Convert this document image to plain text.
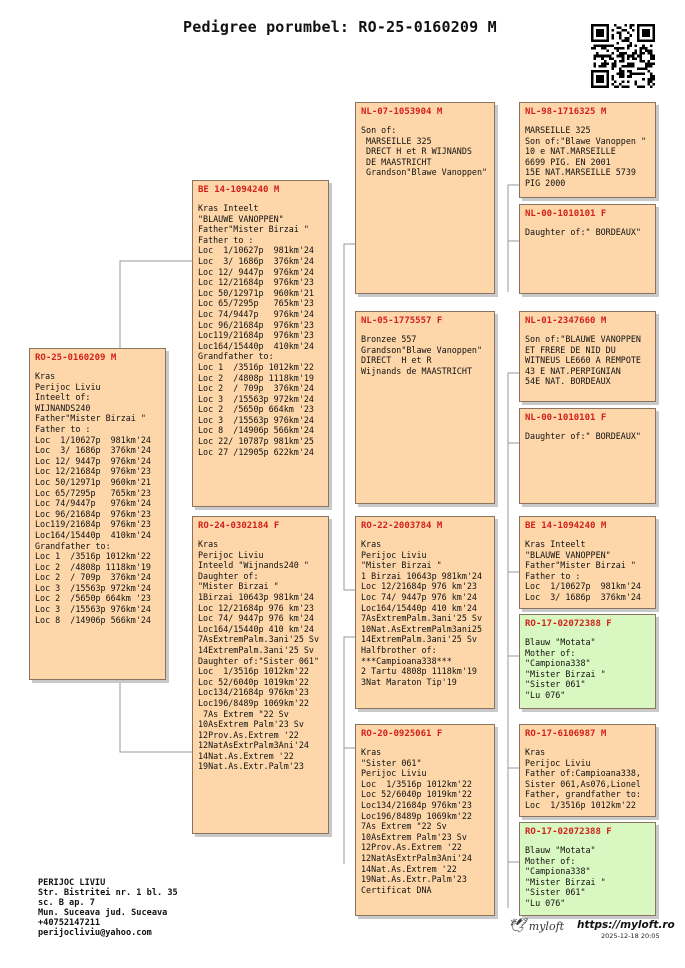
Pedigree porumbel: RO-25-0160209 M
RO-25-0160209 M
Kras
Perijoc Liviu
Inteelt of:
WIJNANDS240
Father"Mister Birzai "
Father to :
Loc  1/10627p  981km'24
Loc  3/ 1686p  376km'24
Loc 12/ 9447p  976km'24
Loc 12/21684p  976km'23
Loc 50/12971p  960km'21
Loc 65/7295p   765km'23
Loc 74/9447p   976km'24
Loc 96/21684p  976km'23
Loc119/21684p  976km'23
Loc164/15440p  410km'24
Grandfather to:
Loc 1  /3516p 1012km'22
Loc 2  /4808p 1118km'19
Loc 2  / 709p  376km'24
Loc 3  /15563p 972km'24
Loc 2  /5650p 664km '23
Loc 3  /15563p 976km'24
Loc 8  /14906p 566km'24
BE 14-1094240 M
Kras Inteelt
"BLAUWE VANOPPEN"
Father"Mister Birzai "
Father to :
Loc  1/10627p  981km'24
Loc  3/ 1686p  376km'24
Loc 12/ 9447p  976km'24
Loc 12/21684p  976km'23
Loc 50/12971p  960km'21
Loc 65/7295p   765km'23
Loc 74/9447p   976km'24
Loc 96/21684p  976km'23
Loc119/21684p  976km'23
Loc164/15440p  410km'24
Grandfather to:
Loc 1  /3516p 1012km'22
Loc 2  /4808p 1118km'19
Loc 2  / 709p  376km'24
Loc 3  /15563p 972km'24
Loc 2  /5650p 664km '23
Loc 3  /15563p 976km'24
Loc 8  /14906p 566km'24
Loc 22/ 10787p 981km'25
Loc 27 /12905p 622km'24
RO-24-0302184 F
Kras
Perijoc Liviu
Inteeld "Wijnands240 "
Daughter of:
"Mister Birzai "
1Birzai 10643p 981km'24
Loc 12/21684p 976 km'23
Loc 74/ 9447p 976 km'24
Loc164/15440p 410 km'24
7AsExtremPalm.3ani'25 Sv
14ExtremPalm.3ani'25 Sv
Daughter of:"Sister 061"
Loc  1/3516p 1012km'22
Loc 52/6040p 1019km'22
Loc134/21684p 976km'23
Loc196/8489p 1069km'22
7As Extrem "22 Sv
10AsExtrem Palm'23 Sv
12Prov.As.Extrem '22
12NatAsExtrPalm3Ani'24
14Nat.As.Extrem '22
19Nat.As.Extr.Palm'23
NL-07-1053904 M
Son of:
MARSEILLE 325
DRECT H et R WIJNANDS
DE MAASTRICHT
Grandson"Blawe Vanoppen"
NL-05-1775557 F
Bronzee 557
Grandson"Blawe Vanoppen"
DIRECT  H et R
Wijnands de MAASTRICHT
RO-22-2003784 M
Kras
Perijoc Liviu
"Mister Birzai "
1 Birzai 10643p 981km'24
Loc 12/21684p 976 km'23
Loc 74/ 9447p 976 km'24
Loc164/15440p 410 km'24
7AsExtremPalm.3ani'25 Sv
10Nat.AsExtremPalm3ani25
14ExtremPalm.3ani'25 Sv
Halfbrother of:
***Campioana338***
2 Tartu 4808p 1118km'19
3Nat Maraton Tip'19
RO-20-0925061 F
Kras
"Sister 061"
Perijoc Liviu
Loc  1/3516p 1012km'22
Loc 52/6040p 1019km'22
Loc134/21684p 976km'23
Loc196/8489p 1069km'22
7As Extrem "22 Sv
10AsExtrem Palm'23 Sv
12Prov.As.Extrem '22
12NatAsExtrPalm3Ani'24
14Nat.As.Extrem '22
19Nat.As.Extr.Palm'23
Certificat DNA
NL-98-1716325 M
MARSEILLE 325
Son of:"Blawe Vanoppen "
10 e NAT.MARSEILLE
6699 PIG. EN 2001
15E NAT.MARSEILLE 5739
PIG 2000
NL-00-1010101 F
Daughter of:" BORDEAUX"
NL-01-2347660 M
Son of:"BLAUWE VANOPPEN
ET FRERE DE NID DU
WITNEUS LE660 A REMPOTE
43 E NAT.PERPIGNIAN
54E NAT. BORDEAUX
NL-00-1010101 F
Daughter of:" BORDEAUX"
BE 14-1094240 M
Kras Inteelt
"BLAUWE VANOPPEN"
Father"Mister Birzai "
Father to :
Loc  1/10627p  981km'24
Loc  3/ 1686p  376km'24
RO-17-02072388 F
Blauw "Motata"
Mother of:
"Campiona338"
"Mister Birzai "
"Sister 061"
"Lu 076"
RO-17-6106987 M
Kras
Perijoc Liviu
Father of:Campioana338,
Sister 061,As076,Lionel
Father, grandfather to:
Loc  1/3516p 1012km'22
RO-17-02072388 F
Blauw "Motata"
Mother of:
"Campiona338"
"Mister Birzai "
"Sister 061"
"Lu 076"
PERIJOC LIVIU
Str. Bistritei nr. 1 bl. 35
sc. B ap. 7
Mun. Suceava jud. Suceava
+40752147211
perijocliviu@yahoo.com	🕊 myloft https://myloft.ro
2025-12-18 20:05
